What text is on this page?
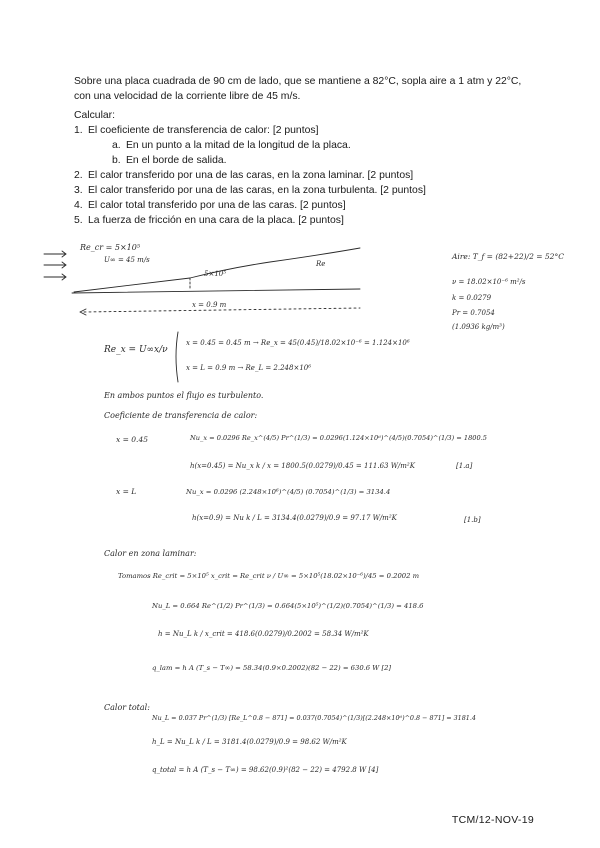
Sobre una placa cuadrada de 90 cm de lado, que se mantiene a 82°C, sopla aire a 1 atm y 22°C,

con una velocidad de la corriente libre de 45 m/s.

Calcular:

1. El coeficiente de transferencia de calor: [2 puntos]
a. En un punto a la mitad de la longitud de la placa.
b. En el borde de salida.
2. El calor transferido por una de las caras, en la zona laminar. [2 puntos]
3. El calor transferido por una de las caras, en la zona turbulenta. [2 puntos]
4. El calor total transferido por una de las caras. [2 puntos]
5. La fuerza de fricción en una cara de la placa. [2 puntos]
Re_cr = 5×10⁵
U∞ = 45 m/s
5×10⁵
Re
x = 0.9 m
Aire: T_f = (82+22)/2 = 52°C
ν = 18.02×10⁻⁶ m²/s
k = 0.0279
Pr = 0.7054
(1.0936 kg/m³)
Re_x = U∞x/ν
x = 0.45 = 0.45 m → Re_x = 45(0.45)/18.02×10⁻⁶ = 1.124×10⁶
x = L = 0.9 m → Re_L = 2.248×10⁶
En ambos puntos el flujo es turbulento.
Coeficiente de transferencia de calor:
x = 0.45	Nu_x = 0.0296 Re_x^(4/5) Pr^(1/3) = 0.0296(1.124×10⁶)^(4/5)(0.7054)^(1/3) = 1800.5
h(x=0.45) = Nu_x k / x = 1800.5(0.0279)/0.45 = 111.63 W/m²K	[1.a]
x = L	Nu_x = 0.0296 (2.248×10⁶)^(4/5) (0.7054)^(1/3) = 3134.4
h(x=0.9) = Nu k / L = 3134.4(0.0279)/0.9 = 97.17 W/m²K	[1.b]
Calor en zona laminar:
Tomamos Re_crit = 5×10⁵ x_crit = Re_crit ν / U∞ = 5×10⁵(18.02×10⁻⁶)/45 = 0.2002 m
Nu_L = 0.664 Re^(1/2) Pr^(1/3) = 0.664(5×10⁵)^(1/2)(0.7054)^(1/3) = 418.6
h = Nu_L k / x_crit = 418.6(0.0279)/0.2002 = 58.34 W/m²K
q_lam = h A (T_s − T∞) = 58.34(0.9×0.2002)(82 − 22) = 630.6 W [2]
Calor total:
Nu_L = 0.037 Pr^(1/3) [Re_L^0.8 − 871] = 0.037(0.7054)^(1/3)[(2.248×10⁶)^0.8 − 871] = 3181.4
h_L = Nu_L k / L = 3181.4(0.0279)/0.9 = 98.62 W/m²K
q_total = h A (T_s − T∞) = 98.62(0.9)²(82 − 22) = 4792.8 W [4]
TCM/12-NOV-19
